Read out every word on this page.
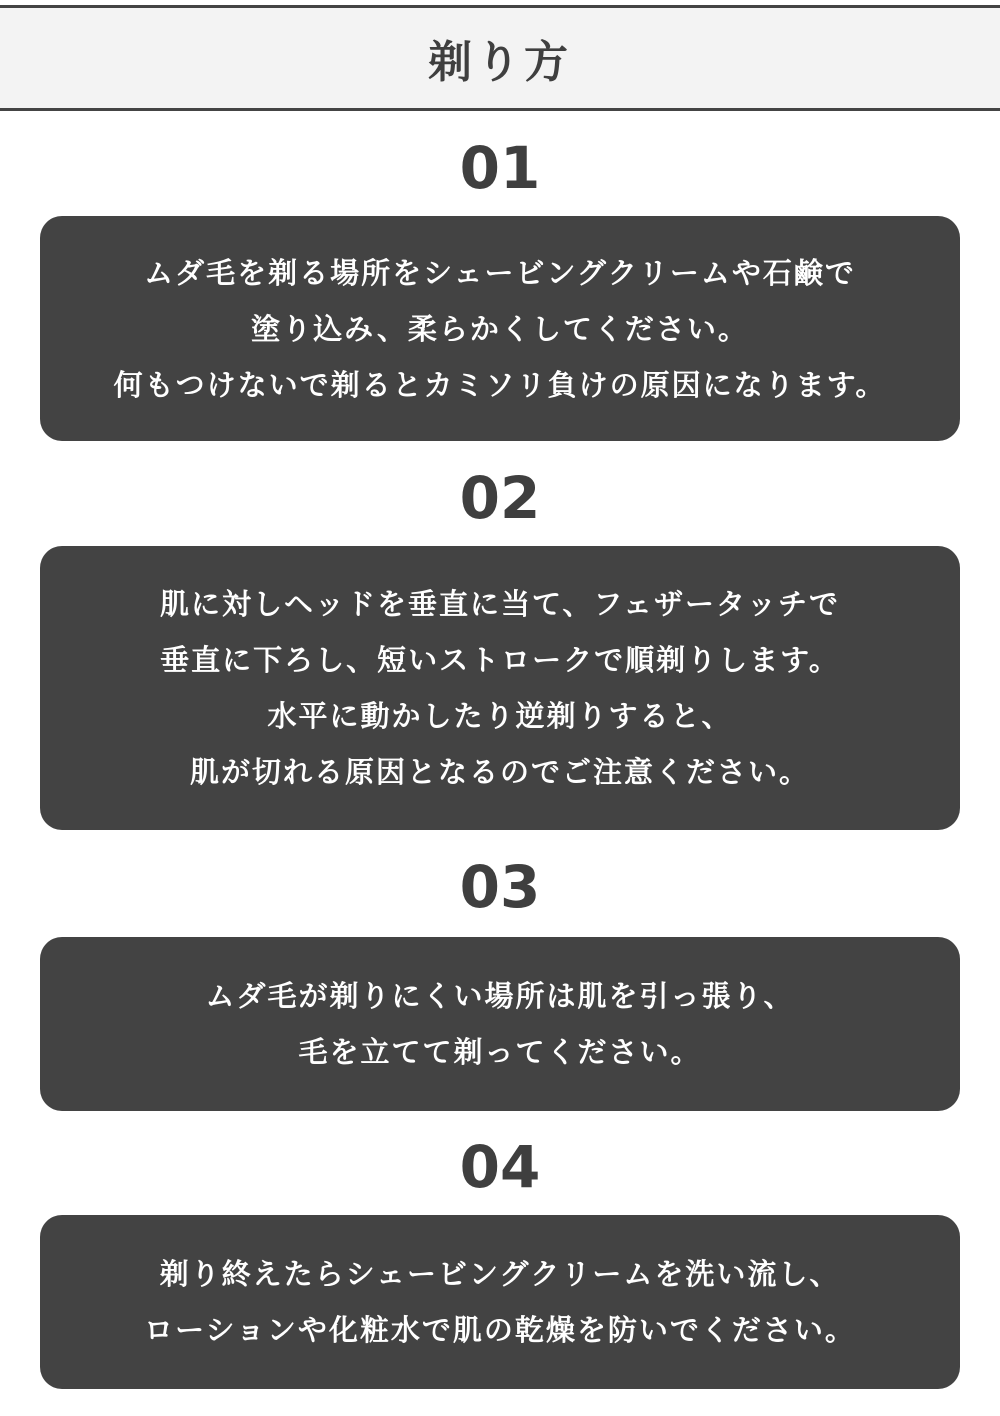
剃り方
01
ムダ毛を剃る場所をシェービングクリームや石鹸で
塗り込み、柔らかくしてください。
何もつけないで剃るとカミソリ負けの原因になります。
02
肌に対しヘッドを垂直に当て、フェザータッチで
垂直に下ろし、短いストロークで順剃りします。
水平に動かしたり逆剃りすると、
肌が切れる原因となるのでご注意ください。
03
ムダ毛が剃りにくい場所は肌を引っ張り、
毛を立てて剃ってください。
04
剃り終えたらシェービングクリームを洗い流し、
ローションや化粧水で肌の乾燥を防いでください。
